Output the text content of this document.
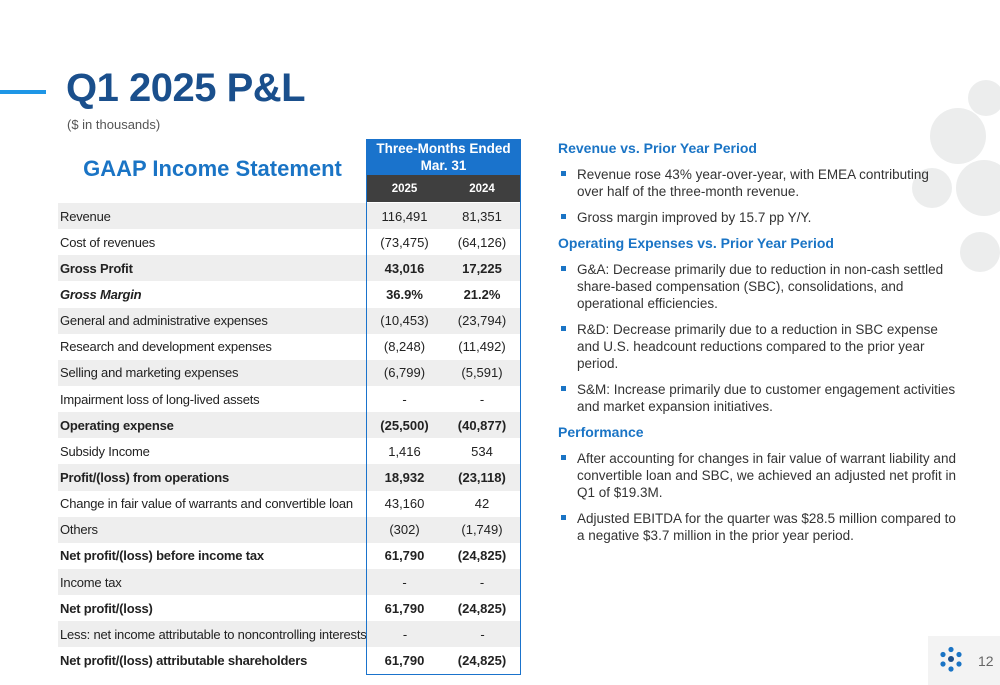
Q1 2025 P&L
($ in thousands)
GAAP Income Statement
Three-Months Ended Mar. 31
2025	2024
Revenue	116,491	81,351
Cost of revenues	(73,475)	(64,126)
Gross Profit	43,016	17,225
Gross Margin	36.9%	21.2%
General and administrative expenses	(10,453)	(23,794)
Research and development expenses	(8,248)	(11,492)
Selling and marketing expenses	(6,799)	(5,591)
Impairment loss of long-lived assets	-	-
Operating expense	(25,500)	(40,877)
Subsidy Income	1,416	534
Profit/(loss) from operations	18,932	(23,118)
Change in fair value of warrants and convertible loan	43,160	42
Others	(302)	(1,749)
Net profit/(loss) before income tax	61,790	(24,825)
Income tax	-	-
Net profit/(loss)	61,790	(24,825)
Less: net income attributable to noncontrolling interests	-	-
Net profit/(loss) attributable shareholders	61,790	(24,825)
Revenue vs. Prior Year Period
Revenue rose 43% year-over-year, with EMEA contributing over half of the three-month revenue.
Gross margin improved by 15.7 pp Y/Y.
Operating Expenses vs. Prior Year Period
G&A: Decrease primarily due to reduction in non-cash settled share-based compensation (SBC), consolidations, and operational efficiencies.
R&D: Decrease primarily due to a reduction in SBC expense and U.S. headcount reductions compared to the prior year period.
S&M: Increase primarily due to customer engagement activities and market expansion initiatives.
Performance
After accounting for changes in fair value of warrant liability and convertible loan and SBC, we achieved an adjusted net profit in Q1 of $19.3M.
Adjusted EBITDA for the quarter was $28.5 million compared to a negative $3.7 million in the prior year period.
12
